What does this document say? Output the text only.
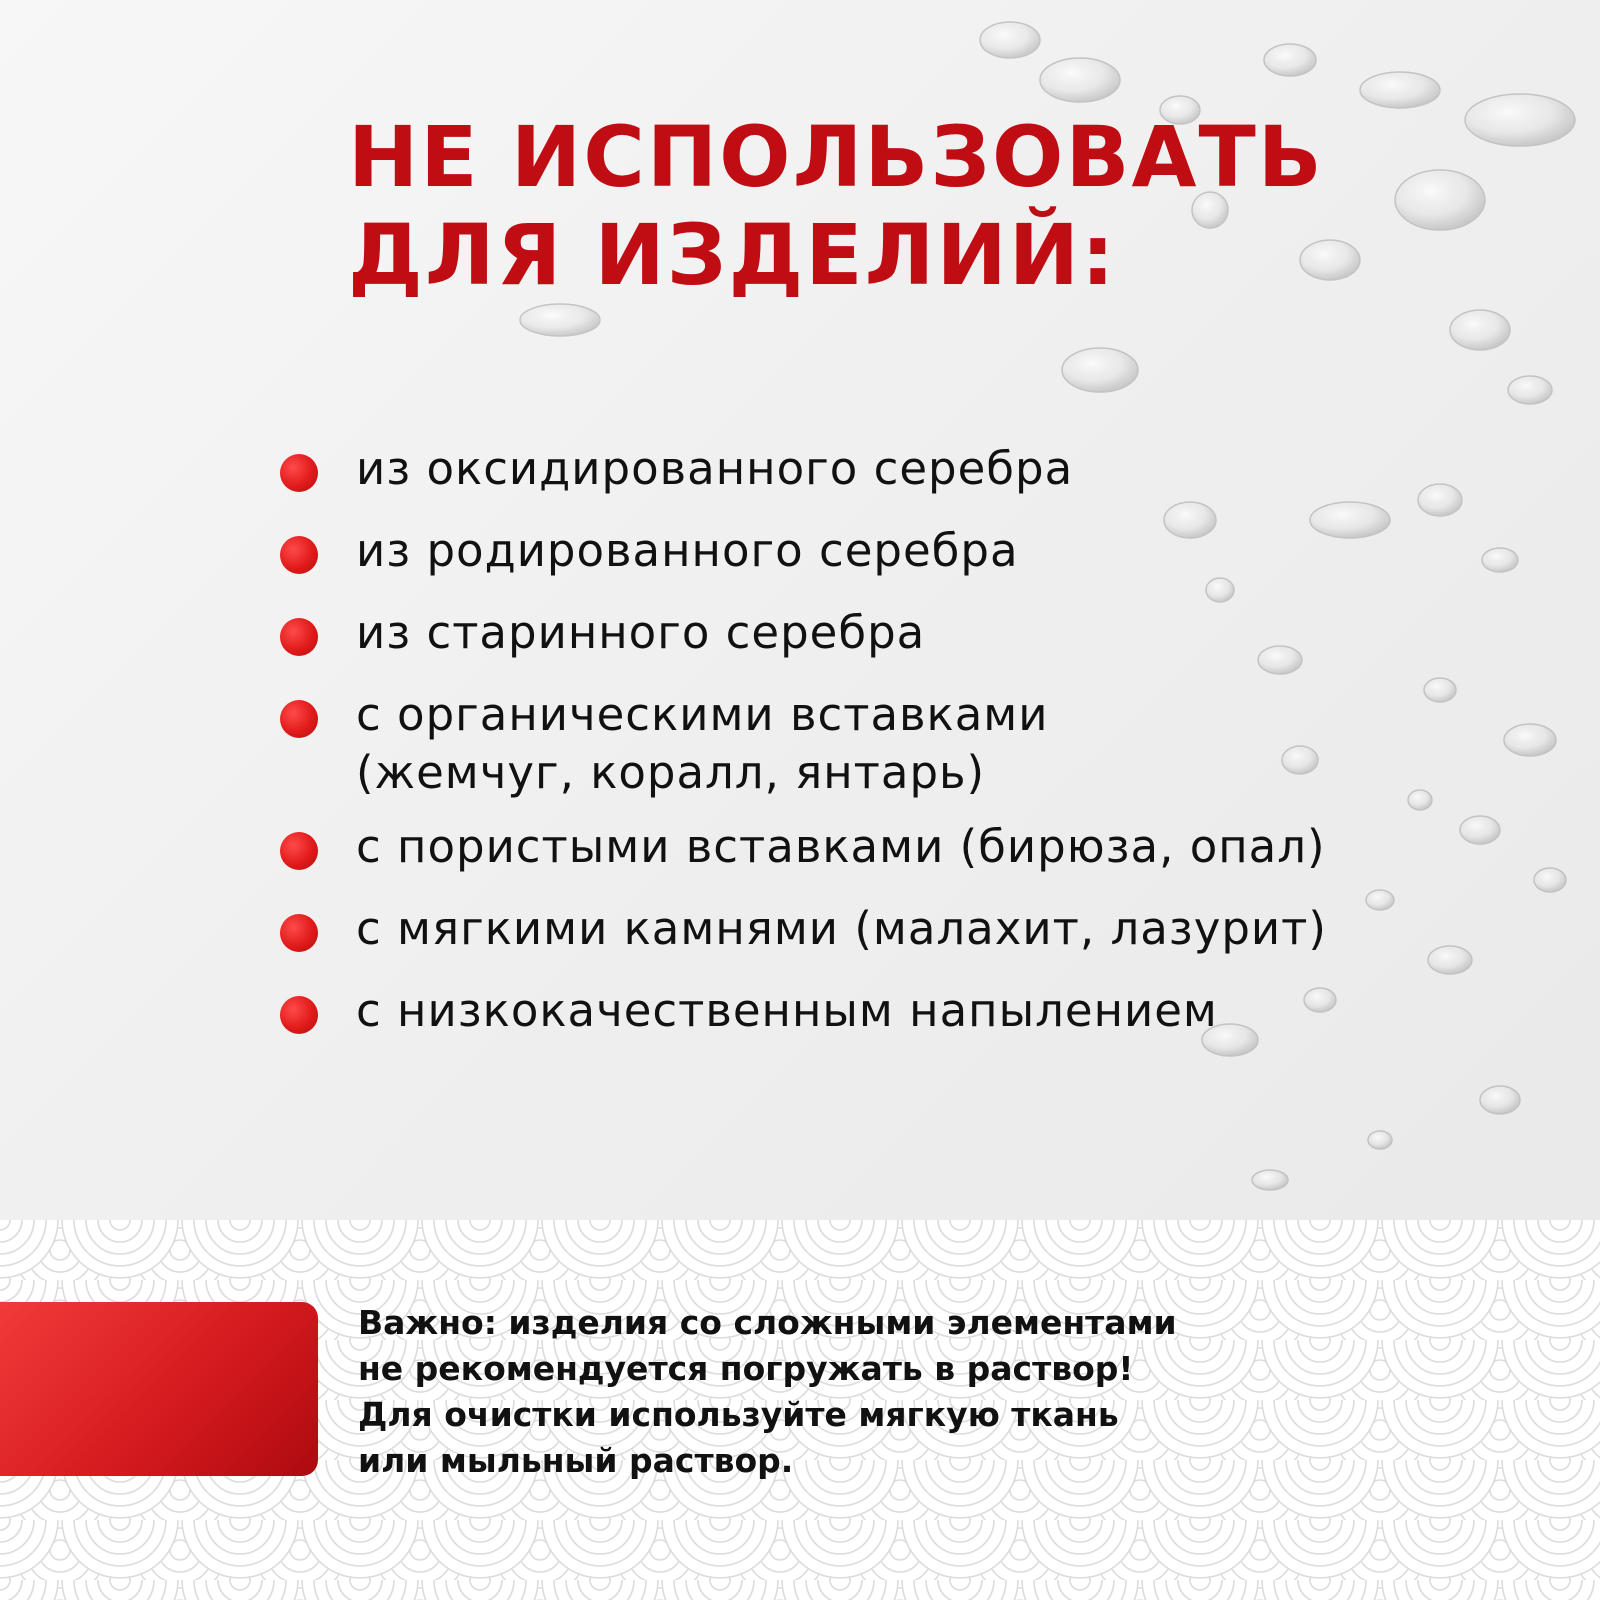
НЕ ИСПОЛЬЗОВАТЬ
ДЛЯ ИЗДЕЛИЙ:
из оксидированного серебра
из родированного серебра
из старинного серебра
с органическими вставками
(жемчуг, коралл, янтарь)
с пористыми вставками (бирюза, опал)
с мягкими камнями (малахит, лазурит)
с низкокачественным напылением
Важно: изделия со сложными элементами
не рекомендуется погружать в раствор!
Для очистки используйте мягкую ткань
или мыльный раствор.
